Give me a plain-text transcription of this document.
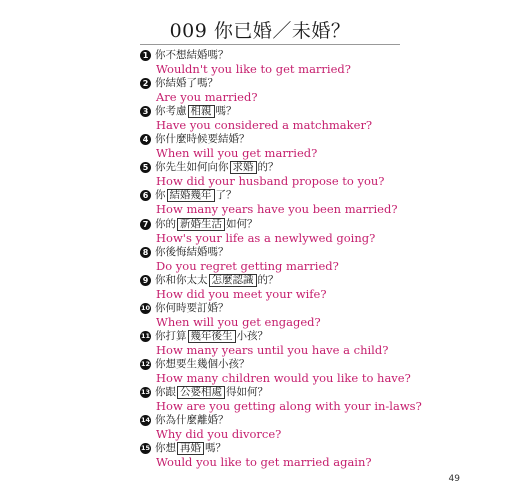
009 你已婚／未婚？
1 你不想結婚嗎？
Wouldn't you like to get married?
2 你結婚了嗎？
Are you married?
3 你考慮 相親 嗎？
Have you considered a matchmaker?
4 你什麼時候要結婚？
When will you get married?
5 你先生如何向你 求婚 的？
How did your husband propose to you?
6 你 結婚幾年 了？
How many years have you been married?
7 你的 新婚生活 如何？
How's your life as a newlywed going?
8 你後悔結婚嗎？
Do you regret getting married?
9 你和你太太 怎麼認識 的？
How did you meet your wife?
10 你何時要訂婚？
When will you get engaged?
11 你打算 幾年後生 小孩？
How many years until you have a child?
12 你想要生幾個小孩？
How many children would you like to have?
13 你跟 公婆相處 得如何？
How are you getting along with your in-laws?
14 你為什麼離婚？
Why did you divorce?
15 你想 再婚 嗎？
Would you like to get married again?
49
